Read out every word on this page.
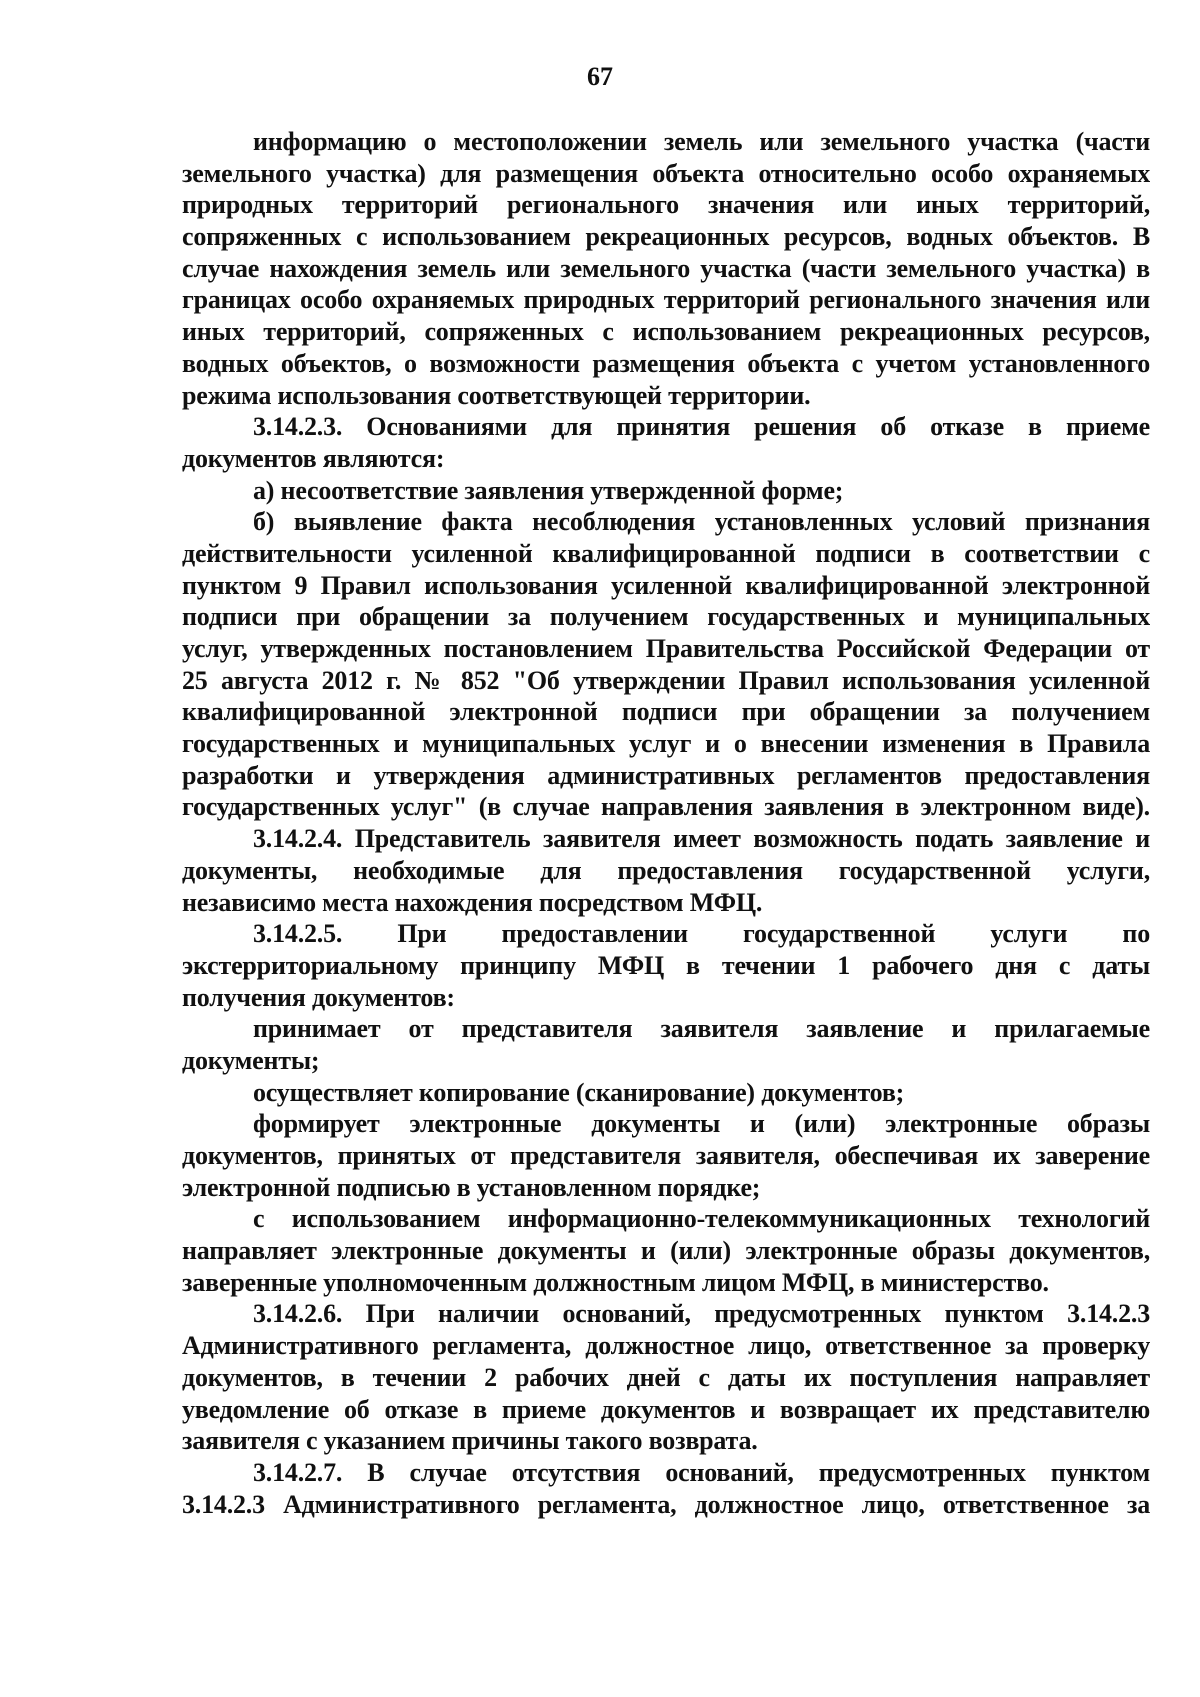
67
информацию о местоположении земель или земельного участка (части
земельного участка) для размещения объекта относительно особо охраняемых
природных территорий регионального значения или иных территорий,
сопряженных с использованием рекреационных ресурсов, водных объектов. В
случае нахождения земель или земельного участка (части земельного участка) в
границах особо охраняемых природных территорий регионального значения или
иных территорий, сопряженных с использованием рекреационных ресурсов,
водных объектов, о возможности размещения объекта с учетом установленного
режима использования соответствующей территории.
3.14.2.3. Основаниями для принятия решения об отказе в приеме
документов являются:
а) несоответствие заявления утвержденной форме;
б) выявление факта несоблюдения установленных условий признания
действительности усиленной квалифицированной подписи в соответствии с
пунктом 9 Правил использования усиленной квалифицированной электронной
подписи при обращении за получением государственных и муниципальных
услуг, утвержденных постановлением Правительства Российской Федерации от
25 августа 2012 г. № 852 "Об утверждении Правил использования усиленной
квалифицированной электронной подписи при обращении за получением
государственных и муниципальных услуг и о внесении изменения в Правила
разработки и утверждения административных регламентов предоставления
государственных услуг" (в случае направления заявления в электронном виде).
3.14.2.4. Представитель заявителя имеет возможность подать заявление и
документы, необходимые для предоставления государственной услуги,
независимо места нахождения посредством МФЦ.
3.14.2.5. При предоставлении государственной услуги по
экстерриториальному принципу МФЦ в течении 1 рабочего дня с даты
получения документов:
принимает от представителя заявителя заявление и прилагаемые
документы;
осуществляет копирование (сканирование) документов;
формирует электронные документы и (или) электронные образы
документов, принятых от представителя заявителя, обеспечивая их заверение
электронной подписью в установленном порядке;
с использованием информационно-телекоммуникационных технологий
направляет электронные документы и (или) электронные образы документов,
заверенные уполномоченным должностным лицом МФЦ, в министерство.
3.14.2.6. При наличии оснований, предусмотренных пунктом 3.14.2.3
Административного регламента, должностное лицо, ответственное за проверку
документов, в течении 2 рабочих дней с даты их поступления направляет
уведомление об отказе в приеме документов и возвращает их представителю
заявителя с указанием причины такого возврата.
3.14.2.7. В случае отсутствия оснований, предусмотренных пунктом
3.14.2.3 Административного регламента, должностное лицо, ответственное за
